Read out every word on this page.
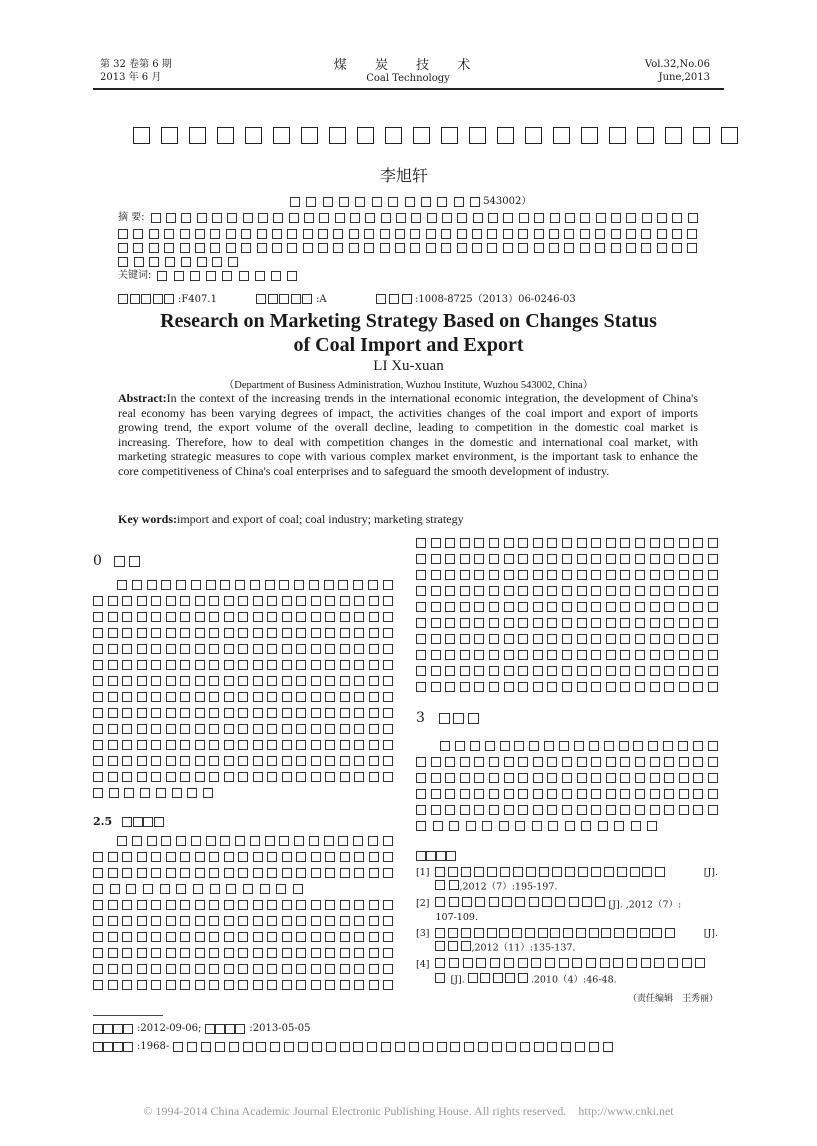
第 32 卷第 6 期
2013 年 6 月
煤 炭 技 术
Coal Technology
Vol.32,No.06
June,2013
李旭轩
543002）
摘 要:
关键词:
:F407.1	:A	:1008-8725（2013）06-0246-03
Research on Marketing Strategy Based on Changes Status
of Coal Import and Export
LI Xu-xuan
（Department of Business Administration, Wuzhou Institute, Wuzhou 543002, China）
Abstract:In the context of the increasing trends in the international economic integration, the development of China's real economy has been varying degrees of impact, the activities changes of the coal import and export of imports growing trend, the export volume of the overall decline, leading to competition in the domestic coal market is increasing. Therefore, how to deal with competition changes in the domestic and international coal market, with marketing strategic measures to cope with various complex market environment, is the important task to enhance the core competitiveness of China's coal enterprises and to safeguard the smooth development of industry.
Key words:import and export of coal; coal industry; marketing strategy
0
2.5
3
[1]	[J].
,2012（7）:195-197.
[2]	[J]. ,2012（7）:
107-109.
[3]	[J].
,2012（11）:135-137.
[4]
[J].	.2010（4）:46-48.
（责任编辑　王秀丽）
:2012-09-06;	:2013-05-05
:1968-
© 1994-2014 China Academic Journal Electronic Publishing House. All rights reserved.    http://www.cnki.net
